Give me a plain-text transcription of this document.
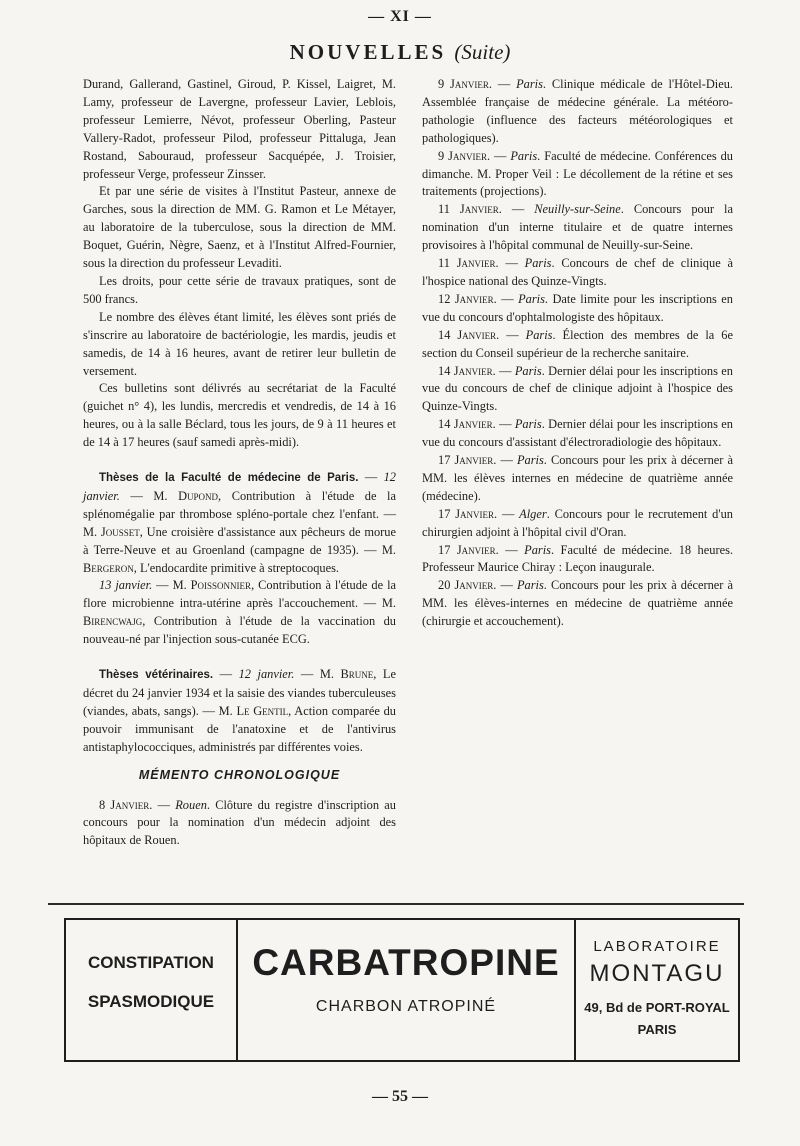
— XI —
NOUVELLES (Suite)

Durand, Gallerand, Gastinel, Giroud, P. Kissel, Laigret, M. Lamy, professeur de Lavergne, professeur Lavier, Leblois, professeur Lemierre, Névot, professeur Oberling, Pasteur Vallery-Radot, professeur Pilod, professeur Pittaluga, Jean Rostand, Sabouraud, professeur Sacquépée, J. Troisier, professeur Verge, professeur Zinsser.

Et par une série de visites à l'Institut Pasteur, annexe de Garches, sous la direction de MM. G. Ramon et Le Métayer, au laboratoire de la tuberculose, sous la direction de MM. Boquet, Guérin, Nègre, Saenz, et à l'Institut Alfred-Fournier, sous la direction du professeur Levaditi.

Les droits, pour cette série de travaux pratiques, sont de 500 francs.

Le nombre des élèves étant limité, les élèves sont priés de s'inscrire au laboratoire de bactériologie, les mardis, jeudis et samedis, de 14 à 16 heures, avant de retirer leur bulletin de versement.

Ces bulletins sont délivrés au secrétariat de la Faculté (guichet n° 4), les lundis, mercredis et vendredis, de 14 à 16 heures, ou à la salle Béclard, tous les jours, de 9 à 11 heures et de 14 à 17 heures (sauf samedi après-midi).

Thèses de la Faculté de médecine de Paris. — 12 janvier. — M. Dupond, Contribution à l'étude de la splénomégalie par thrombose spléno-portale chez l'enfant. — M. Jousset, Une croisière d'assistance aux pêcheurs de morue à Terre-Neuve et au Groenland (campagne de 1935). — M. Bergeron, L'endocardite primitive à streptocoques.

13 janvier. — M. Poissonnier, Contribution à l'étude de la flore microbienne intra-utérine après l'accouchement. — M. Birencwajg, Contribution à l'étude de la vaccination du nouveau-né par l'injection sous-cutanée ECG.

Thèses vétérinaires. — 12 janvier. — M. Brune, Le décret du 24 janvier 1934 et la saisie des viandes tuberculeuses (viandes, abats, sangs). — M. Le Gentil, Action comparée du pouvoir immunisant de l'anatoxine et de l'antivirus antistaphylococciques, administrés par différentes voies.

MÉMENTO CHRONOLOGIQUE

8 Janvier. — Rouen. Clôture du registre d'inscription au concours pour la nomination d'un médecin adjoint des hôpitaux de Rouen.

9 Janvier. — Paris. Clinique médicale de l'Hôtel-Dieu. Assemblée française de médecine générale. La météoro-pathologie (influence des facteurs météorologiques et pathologiques).

9 Janvier. — Paris. Faculté de médecine. Conférences du dimanche. M. Proper Veil : Le décollement de la rétine et ses traitements (projections).

11 Janvier. — Neuilly-sur-Seine. Concours pour la nomination d'un interne titulaire et de quatre internes provisoires à l'hôpital communal de Neuilly-sur-Seine.

11 Janvier. — Paris. Concours de chef de clinique à l'hospice national des Quinze-Vingts.

12 Janvier. — Paris. Date limite pour les inscriptions en vue du concours d'ophtalmologiste des hôpitaux.

14 Janvier. — Paris. Élection des membres de la 6e section du Conseil supérieur de la recherche sanitaire.

14 Janvier. — Paris. Dernier délai pour les inscriptions en vue du concours de chef de clinique adjoint à l'hospice des Quinze-Vingts.

14 Janvier. — Paris. Dernier délai pour les inscriptions en vue du concours d'assistant d'électroradiologie des hôpitaux.

17 Janvier. — Paris. Concours pour les prix à décerner à MM. les élèves internes en médecine de quatrième année (médecine).

17 Janvier. — Alger. Concours pour le recrutement d'un chirurgien adjoint à l'hôpital civil d'Oran.

17 Janvier. — Paris. Faculté de médecine. 18 heures. Professeur Maurice Chiray : Leçon inaugurale.

20 Janvier. — Paris. Concours pour les prix à décerner à MM. les élèves-internes en médecine de quatrième année (chirurgie et accouchement).

CONSTIPATION
SPASMODIQUE
CARBATROPINE
CHARBON ATROPINÉ
LABORATOIRE
MONTAGU
49, Bd de PORT-ROYAL
PARIS
— 55 —
